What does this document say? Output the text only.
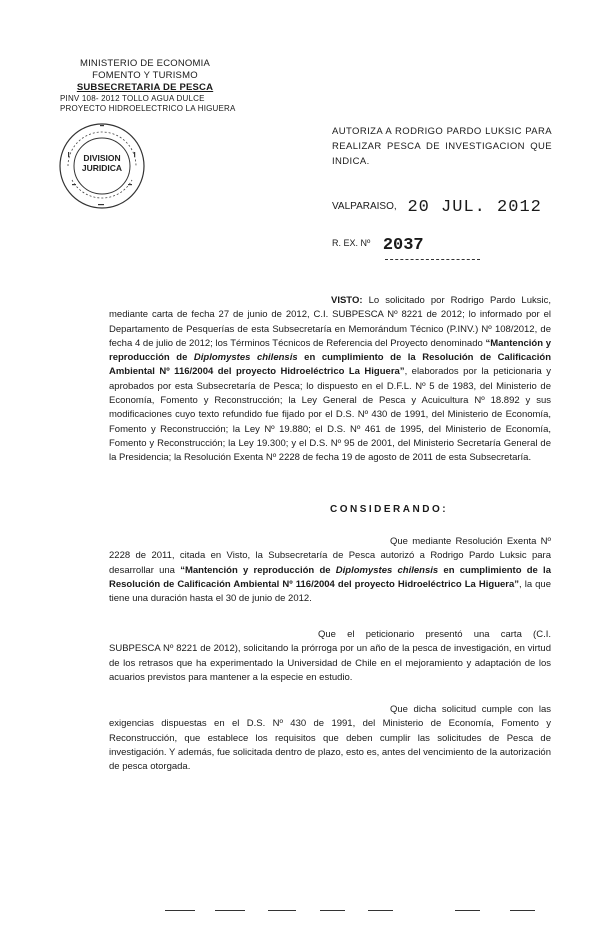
MINISTERIO DE ECONOMIA
FOMENTO Y TURISMO
SUBSECRETARIA DE PESCA
PINV 108- 2012 TOLLO AGUA DULCE
PROYECTO HIDROELECTRICO LA HIGUERA
DIVISION
JURIDICA
AUTORIZA A RODRIGO PARDO LUKSIC PARA REALIZAR PESCA DE INVESTIGACION QUE INDICA.
VALPARAISO, 20 JUL. 2012
R. EX. Nº 2037
VISTO: Lo solicitado por Rodrigo Pardo Luksic, mediante carta de fecha 27 de junio de 2012, C.I. SUBPESCA Nº 8221 de 2012; lo informado por el Departamento de Pesquerías de esta Subsecretaría en Memorándum Técnico (P.INV.) Nº 108/2012, de fecha 4 de julio de 2012; los Términos Técnicos de Referencia del Proyecto denominado “Mantención y reproducción de Diplomystes chilensis en cumplimiento de la Resolución de Calificación Ambiental Nº 116/2004 del proyecto Hidroeléctrico La Higuera”, elaborados por la peticionaria y aprobados por esta Subsecretaría de Pesca; lo dispuesto en el D.F.L. Nº 5 de 1983, del Ministerio de Economía, Fomento y Reconstrucción; la Ley General de Pesca y Acuicultura Nº 18.892 y sus modificaciones cuyo texto refundido fue fijado por el D.S. Nº 430 de 1991, del Ministerio de Economía, Fomento y Reconstrucción; la Ley Nº 19.880; el D.S. Nº 461 de 1995, del Ministerio de Economía, Fomento y Reconstrucción; la Ley 19.300; y el D.S. Nº 95 de 2001, del Ministerio Secretaría General de la Presidencia; la Resolución Exenta Nº 2228 de fecha 19 de agosto de 2011 de esta Subsecretaría.
CONSIDERANDO:
Que mediante Resolución Exenta Nº 2228 de 2011, citada en Visto, la Subsecretaría de Pesca autorizó a Rodrigo Pardo Luksic para desarrollar una “Mantención y reproducción de Diplomystes chilensis en cumplimiento de la Resolución de Calificación Ambiental Nº 116/2004 del proyecto Hidroeléctrico La Higuera”, la que tiene una duración hasta el 30 de junio de 2012.
Que el peticionario presentó una carta (C.I. SUBPESCA Nº 8221 de 2012), solicitando la prórroga por un año de la pesca de investigación, en virtud de los retrasos que ha experimentado la Universidad de Chile en el mejoramiento y adaptación de los acuarios previstos para mantener a la especie en estudio.
Que dicha solicitud cumple con las exigencias dispuestas en el D.S. Nº 430 de 1991, del Ministerio de Economía, Fomento y Reconstrucción, que establece los requisitos que deben cumplir las solicitudes de Pesca de investigación. Y además, fue solicitada dentro de plazo, esto es, antes del vencimiento de la autorización de pesca otorgada.
